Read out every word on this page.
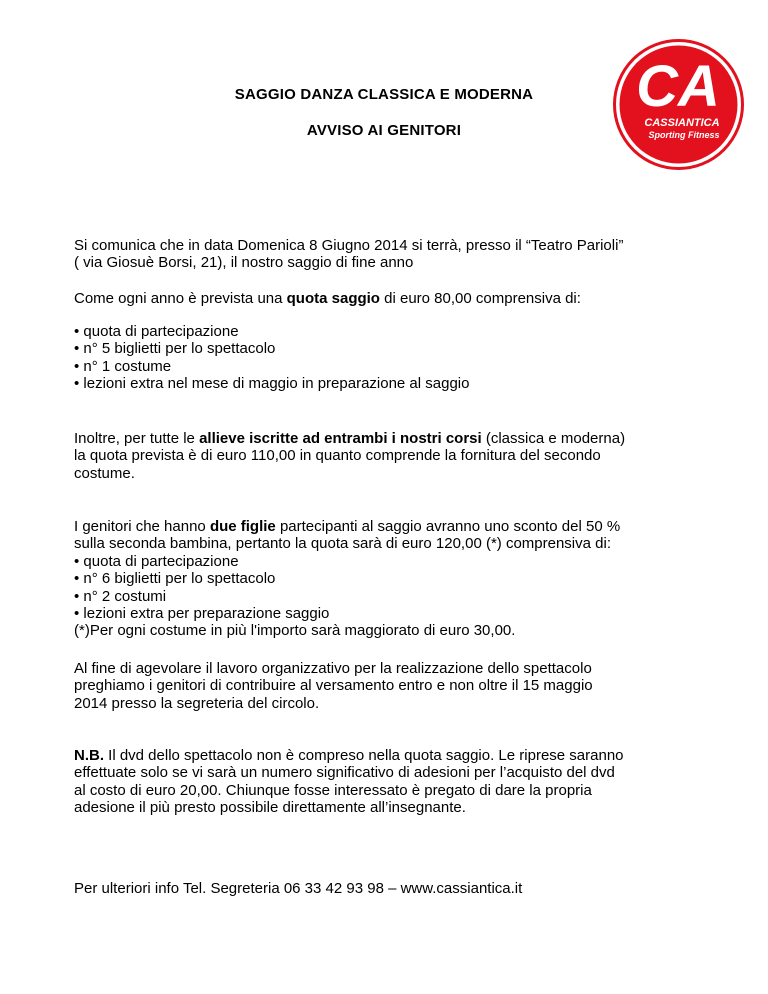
CA
CASSIANTICA
Sporting Fitness
SAGGIO DANZA CLASSICA E MODERNA
AVVISO AI GENITORI
Si comunica che in data Domenica 8 Giugno 2014 si terrà, presso il “Teatro Parioli”
( via Giosuè Borsi, 21), il nostro saggio di fine anno
Come ogni anno è prevista una quota saggio di euro 80,00 comprensiva di:
• quota di partecipazione
• n° 5 biglietti per lo spettacolo
• n° 1 costume
• lezioni extra nel mese di maggio in preparazione al saggio
Inoltre, per tutte le allieve iscritte ad entrambi i nostri corsi (classica e moderna)
la quota prevista è di euro 110,00 in quanto comprende la fornitura del secondo
costume.
I genitori che hanno due figlie partecipanti al saggio avranno uno sconto del 50 %
sulla seconda bambina, pertanto la quota sarà di euro 120,00 (*) comprensiva di:
• quota di partecipazione
• n° 6 biglietti per lo spettacolo
• n° 2 costumi
• lezioni extra per preparazione saggio
(*)Per ogni costume in più l'importo sarà maggiorato di euro 30,00.
Al fine di agevolare il lavoro organizzativo per la realizzazione dello spettacolo
preghiamo i genitori di contribuire al versamento entro e non oltre il 15 maggio
2014 presso la segreteria del circolo.
N.B. Il dvd dello spettacolo non è compreso nella quota saggio. Le riprese saranno
effettuate solo se vi sarà un numero significativo di adesioni per l’acquisto del dvd
al costo di euro 20,00. Chiunque fosse interessato è pregato di dare la propria
adesione il più presto possibile direttamente all’insegnante.
Per ulteriori info Tel. Segreteria 06 33 42 93 98 – www.cassiantica.it
